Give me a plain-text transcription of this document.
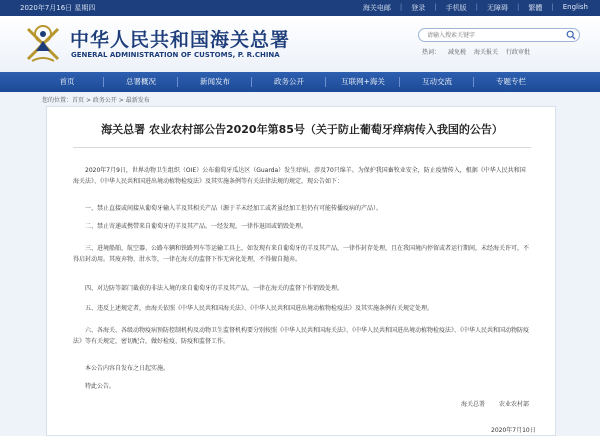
2020年7月16日 星期四	海关电邮 | 登录 | 手机版 | 无障碍 | 繁體 | English
中华人民共和国海关总署
GENERAL ADMINISTRATION OF CUSTOMS, P. R.CHINA
请输入搜索关键字	热词： 减免税 海关报关 行政审批
首页	总署概况	新闻发布	政务公开	互联网+海关	互动交流	专题专栏
您的位置：首页 > 政务公开 > 最新发布
海关总署 农业农村部公告2020年第85号（关于防止葡萄牙痒病传入我国的公告）

2020年7月9日，世界动物卫生组织（OIE）公布葡萄牙瓜达区（Guarda）发生痒病，涉及70只绵羊。为保护我国畜牧业安全，防止疫情传入，根据《中华人民共和国海关法》、《中华人民共和国进出境动植物检疫法》及其实施条例等有关法律法规的规定，现公告如下：

一、禁止直接或间接从葡萄牙输入羊及其相关产品（源于羊未经加工或者虽经加工但仍有可能传播疫病的产品）。

二、禁止寄递或携带来自葡萄牙的羊及其产品。一经发现，一律作退回或销毁处理。

三、进境船舶、航空器、公路车辆和铁路列车等运输工具上，如发现有来自葡萄牙的羊及其产品，一律作封存处理，且在我国境内停留或者运行期间，未经海关许可，不得启封动用。其废弃物、泔水等，一律在海关的监督下作无害化处理，不得擅自抛弃。

四、对边防等部门截获的非法入境的来自葡萄牙的羊及其产品，一律在海关的监督下作销毁处理。

五、违反上述规定者，由海关依照《中华人民共和国海关法》、《中华人民共和国进出境动植物检疫法》及其实施条例有关规定处理。

六、各海关、各级动物疫病预防控制机构及动物卫生监督机构要分别按照《中华人民共和国海关法》、《中华人民共和国进出境动植物检疫法》、《中华人民共和国动物防疫法》等有关规定，密切配合，做好检疫、防疫和监督工作。

本公告内容自发布之日起实施。

特此公告。

海关总署 农业农村部
2020年7月10日
